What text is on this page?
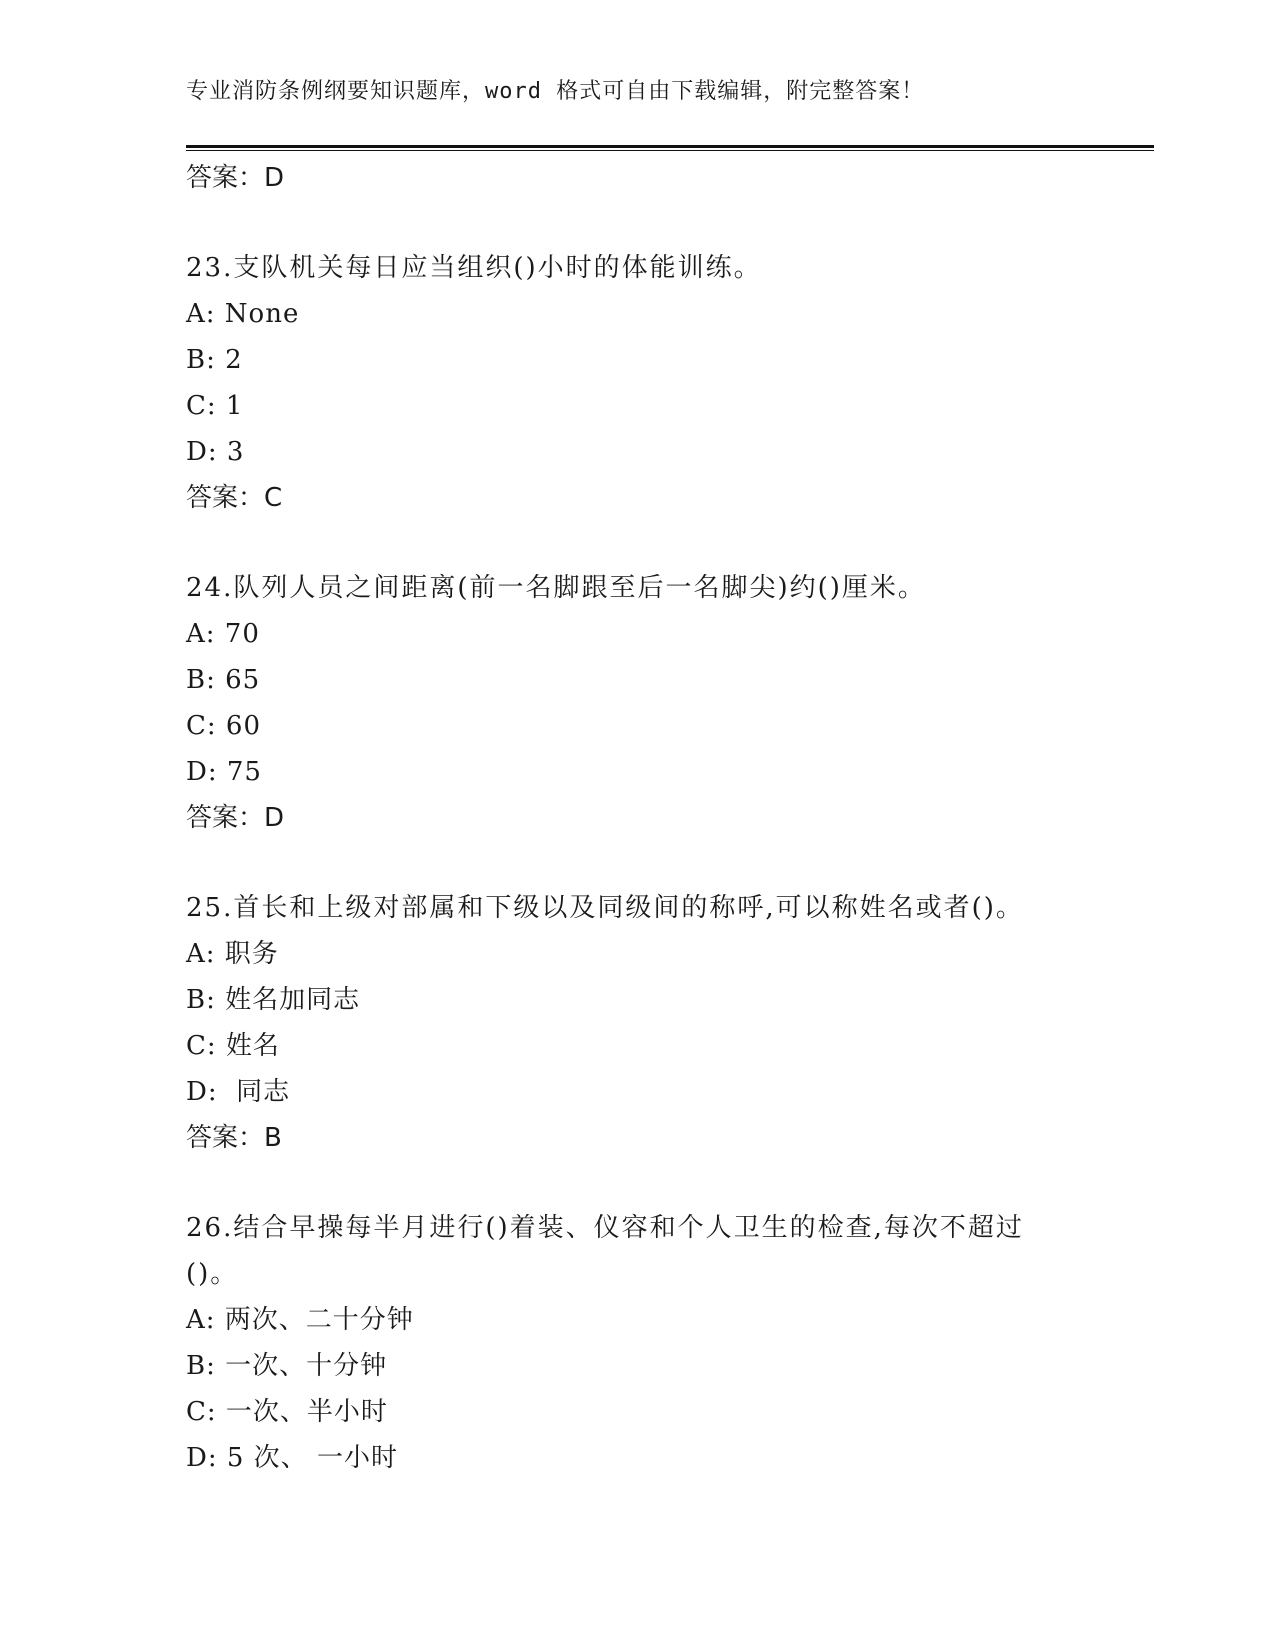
专业消防条例纲要知识题库，word 格式可自由下载编辑，附完整答案！
答案：D
23.支队机关每日应当组织()小时的体能训练。
A: None
B: 2
C: 1
D: 3
答案：C
24.队列人员之间距离(前一名脚跟至后一名脚尖)约()厘米。
A: 70
B: 65
C: 60
D: 75
答案：D
25.首长和上级对部属和下级以及同级间的称呼,可以称姓名或者()。
A: 职务
B: 姓名加同志
C: 姓名
D:  同志
答案：B
26.结合早操每半月进行()着装、仪容和个人卫生的检查,每次不超过
()。
A: 两次、二十分钟
B: 一次、十分钟
C: 一次、半小时
D: 5 次、 一小时
